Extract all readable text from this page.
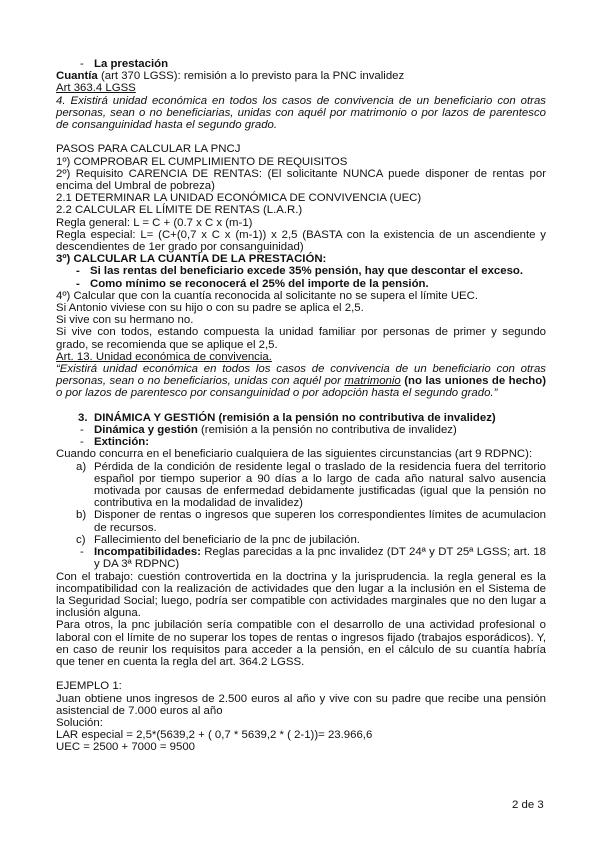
- La prestación

Cuantía (art 370 LGSS): remisión a lo previsto para la PNC invalidez

Art 363.4 LGSS

4. Existirá unidad económica en todos los casos de convivencia de un beneficiario con otras personas, sean o no beneficiarias, unidas con aquél por matrimonio o por lazos de parentesco de consanguinidad hasta el segundo grado.

PASOS PARA CALCULAR LA PNCJ

1º) COMPROBAR EL CUMPLIMIENTO DE REQUISITOS

2º) Requisito CARENCIA DE RENTAS: (El solicitante NUNCA puede disponer de rentas por encima del Umbral de pobreza)

2.1 DETERMINAR LA UNIDAD ECONÓMICA DE CONVIVENCIA (UEC)

2.2 CALCULAR EL LÍMITE DE RENTAS (L.A.R.)

Regla general: L = C + (0.7 x C x (m-1)

Regla especial: L= (C+(0,7 x C x (m-1)) x 2,5 (BASTA con la existencia de un ascendiente y descendientes de 1er grado por consanguinidad)

3º) CALCULAR LA CUANTÍA DE LA PRESTACIÓN:

- Si las rentas del beneficiario excede 35% pensión, hay que descontar el exceso.

- Como mínimo se reconocerá el 25% del importe de la pensión.

4º) Calcular que con la cuantía reconocida al solicitante no se supera el límite UEC.

Si Antonio viviese con su hijo o con su padre se aplica el 2,5.

Si vive con su hermano no.

Si vive con todos, estando compuesta la unidad familiar por personas de primer y segundo grado, se recomienda que se aplique el 2,5.

Art. 13. Unidad económica de convivencia.

“Existirá unidad económica en todos los casos de convivencia de un beneficiario con otras personas, sean o no beneficiarios, unidas con aquél por matrimonio (no las uniones de hecho) o por lazos de parentesco por consanguinidad o por adopción hasta el segundo grado.”

3. DINÁMICA Y GESTIÓN (remisión a la pensión no contributiva de invalidez)

- Dinámica y gestión (remisión a la pensión no contributiva de invalidez)

- Extinción:

Cuando concurra en el beneficiario cualquiera de las siguientes circunstancias (art 9 RDPNC):

a) Pérdida de la condición de residente legal o traslado de la residencia fuera del territorio español por tiempo superior a 90 días a lo largo de cada año natural salvo ausencia motivada por causas de enfermedad debidamente justificadas (igual que la pensión no contributiva en la modalidad de invalidez)

b) Disponer de rentas o ingresos que superen los correspondientes límites de acumulacion de recursos.

c) Fallecimiento del beneficiario de la pnc de jubilación.

- Incompatibilidades: Reglas parecidas a la pnc invalidez (DT 24ª y DT 25ª LGSS; art. 18 y DA 3ª RDPNC)

Con el trabajo: cuestión controvertida en la doctrina y la jurisprudencia. la regla general es la incompatibilidad con la realización de actividades que den lugar a la inclusión en el Sistema de la Seguridad Social; luego, podría ser compatible con actividades marginales que no den lugar a inclusión alguna.

Para otros, la pnc jubilación sería compatible con el desarrollo de una actividad profesional o laboral con el límite de no superar los topes de rentas o ingresos fijado (trabajos esporádicos). Y, en caso de reunir los requisitos para acceder a la pensión, en el cálculo de su cuantía habría que tener en cuenta la regla del art. 364.2 LGSS.

EJEMPLO 1:

Juan obtiene unos ingresos de 2.500 euros al año y vive con su padre que recibe una pensión asistencial de 7.000 euros al año

Solución:

LAR especial = 2,5*(5639,2 + ( 0,7 * 5639,2 * ( 2-1))= 23.966,6

UEC = 2500 + 7000 = 9500

2 de 3
